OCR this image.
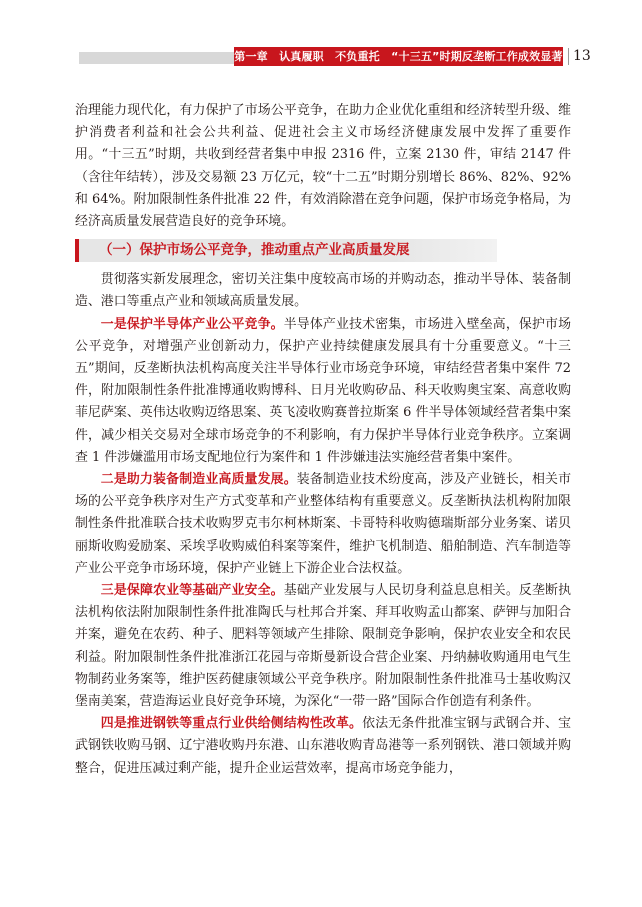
第一章　认真履职　不负重托　“十三五”时期反垄断工作成效显著 13

治理能力现代化，有力保护了市场公平竞争，在助力企业优化重组和经济转型升级、维护消费者利益和社会公共利益、促进社会主义市场经济健康发展中发挥了重要作用。“十三五”时期，共收到经营者集中申报 2316 件，立案 2130 件，审结 2147 件（含往年结转），涉及交易额 23 万亿元，较“十二五”时期分别增长 86%、82%、92% 和 64%。附加限制性条件批准 22 件，有效消除潜在竞争问题，保护市场竞争格局，为经济高质量发展营造良好的竞争环境。

（一）保护市场公平竞争，推动重点产业高质量发展

贯彻落实新发展理念，密切关注集中度较高市场的并购动态，推动半导体、装备制造、港口等重点产业和领域高质量发展。

一是保护半导体产业公平竞争。半导体产业技术密集，市场进入壁垒高，保护市场公平竞争，对增强产业创新动力，保护产业持续健康发展具有十分重要意义。“十三五”期间，反垄断执法机构高度关注半导体行业市场竞争环境，审结经营者集中案件 72 件，附加限制性条件批准博通收购博科、日月光收购矽品、科天收购奥宝案、高意收购菲尼萨案、英伟达收购迈络思案、英飞凌收购赛普拉斯案 6 件半导体领域经营者集中案件，减少相关交易对全球市场竞争的不利影响，有力保护半导体行业竞争秩序。立案调查 1 件涉嫌滥用市场支配地位行为案件和 1 件涉嫌违法实施经营者集中案件。

二是助力装备制造业高质量发展。装备制造业技术纷度高，涉及产业链长，相关市场的公平竞争秩序对生产方式变革和产业整体结构有重要意义。反垄断执法机构附加限制性条件批准联合技术收购罗克韦尔柯林斯案、卡哥特科收购德瑞斯部分业务案、诺贝丽斯收购爱励案、采埃孚收购威伯科案等案件，维护飞机制造、船舶制造、汽车制造等产业公平竞争市场环境，保护产业链上下游企业合法权益。

三是保障农业等基础产业安全。基础产业发展与人民切身利益息息相关。反垄断执法机构依法附加限制性条件批准陶氏与杜邦合并案、拜耳收购孟山都案、萨钾与加阳合并案，避免在农药、种子、肥料等领域产生排除、限制竞争影响，保护农业安全和农民利益。附加限制性条件批准浙江花园与帝斯曼新设合营企业案、丹纳赫收购通用电气生物制药业务案等，维护医药健康领域公平竞争秩序。附加限制性条件批准马士基收购汉堡南美案，营造海运业良好竞争环境，为深化“一带一路”国际合作创造有利条件。

四是推进钢铁等重点行业供给侧结构性改革。依法无条件批准宝钢与武钢合并、宝武钢铁收购马钢、辽宁港收购丹东港、山东港收购青岛港等一系列钢铁、港口领域并购整合，促进压减过剩产能，提升企业运营效率，提高市场竞争能力，
